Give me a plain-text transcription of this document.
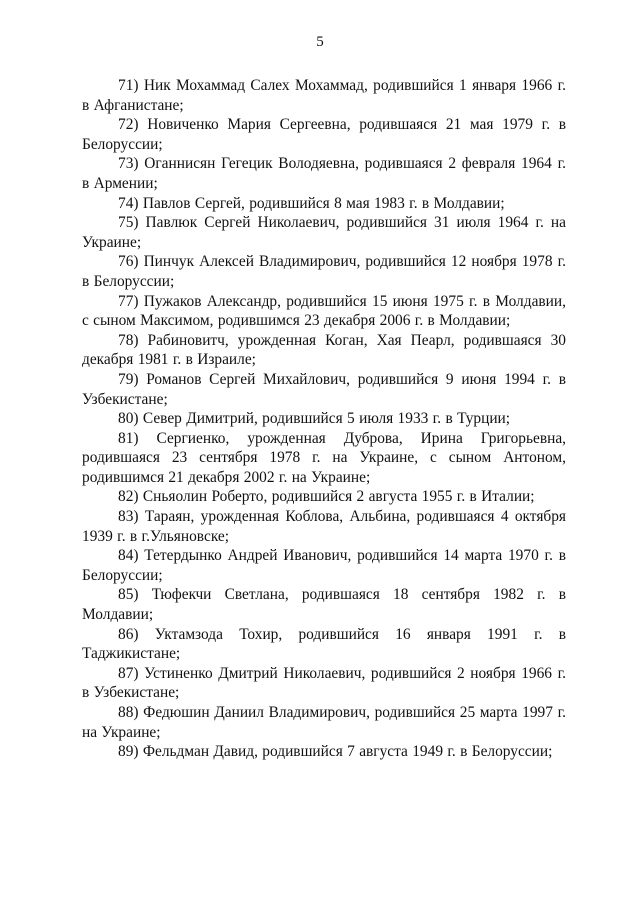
5

71) Ник Мохаммад Салех Мохаммад, родившийся 1 января 1966 г. в Афганистане;

72) Новиченко Мария Сергеевна, родившаяся 21 мая 1979 г. в Белоруссии;

73) Оганнисян Гегецик Володяевна, родившаяся 2 февраля 1964 г. в Армении;

74) Павлов Сергей, родившийся 8 мая 1983 г. в Молдавии;

75) Павлюк Сергей Николаевич, родившийся 31 июля 1964 г. на Украине;

76) Пинчук Алексей Владимирович, родившийся 12 ноября 1978 г. в Белоруссии;

77) Пужаков Александр, родившийся 15 июня 1975 г. в Молдавии, с сыном Максимом, родившимся 23 декабря 2006 г. в Молдавии;

78) Рабиновитч, урожденная Коган, Хая Пеарл, родившаяся 30 декабря 1981 г. в Израиле;

79) Романов Сергей Михайлович, родившийся 9 июня 1994 г. в Узбекистане;

80) Север Димитрий, родившийся 5 июля 1933 г. в Турции;

81) Сергиенко, урожденная Дуброва, Ирина Григорьевна, родившаяся 23 сентября 1978 г. на Украине, с сыном Антоном, родившимся 21 декабря 2002 г. на Украине;

82) Сньяолин Роберто, родившийся 2 августа 1955 г. в Италии;

83) Тараян, урожденная Коблова, Альбина, родившаяся 4 октября 1939 г. в г.Ульяновске;

84) Тетердынко Андрей Иванович, родившийся 14 марта 1970 г. в Белоруссии;

85) Тюфекчи Светлана, родившаяся 18 сентября 1982 г. в Молдавии;

86) Уктамзода Тохир, родившийся 16 января 1991 г. в Таджикистане;

87) Устиненко Дмитрий Николаевич, родившийся 2 ноября 1966 г. в Узбекистане;

88) Федюшин Даниил Владимирович, родившийся 25 марта 1997 г. на Украине;

89) Фельдман Давид, родившийся 7 августа 1949 г. в Белоруссии;
